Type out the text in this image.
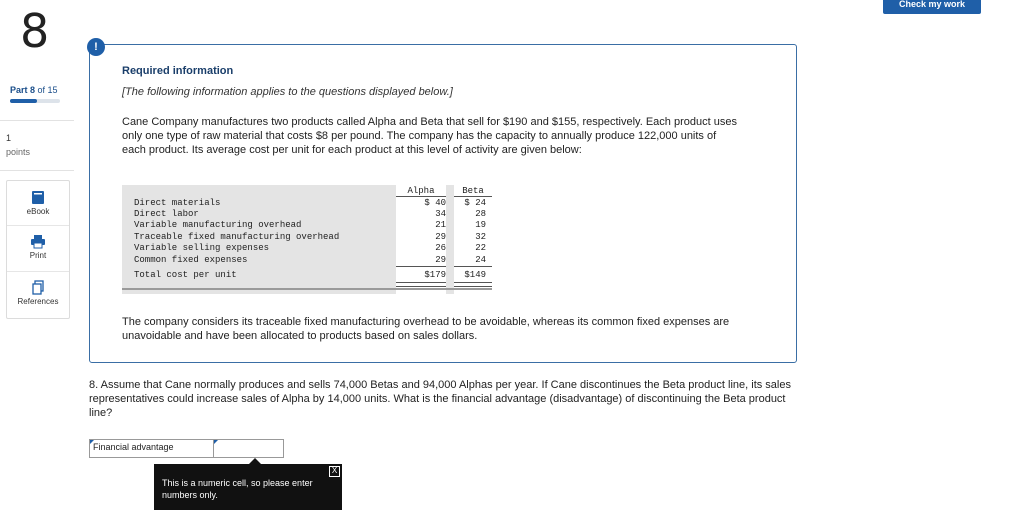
8
Part 8 of 15
1
points
eBook
Print
References
Check my work
Required information
[The following information applies to the questions displayed below.]
Cane Company manufactures two products called Alpha and Beta that sell for $190 and $155, respectively. Each product uses only one type of raw material that costs $8 per pound. The company has the capacity to annually produce 122,000 units of each product. Its average cost per unit for each product at this level of activity are given below:
Alpha	Beta
Direct materials	$ 40	$ 24
Direct labor	34	28
Variable manufacturing overhead	21	19
Traceable fixed manufacturing overhead	29	32
Variable selling expenses	26	22
Common fixed expenses	29	24
Total cost per unit	$179	$149
The company considers its traceable fixed manufacturing overhead to be avoidable, whereas its common fixed expenses are unavoidable and have been allocated to products based on sales dollars.
!
8. Assume that Cane normally produces and sells 74,000 Betas and 94,000 Alphas per year. If Cane discontinues the Beta product line, its sales representatives could increase sales of Alpha by 14,000 units. What is the financial advantage (disadvantage) of discontinuing the Beta product line?
Financial advantage
X
This is a numeric cell, so please enter numbers only.
